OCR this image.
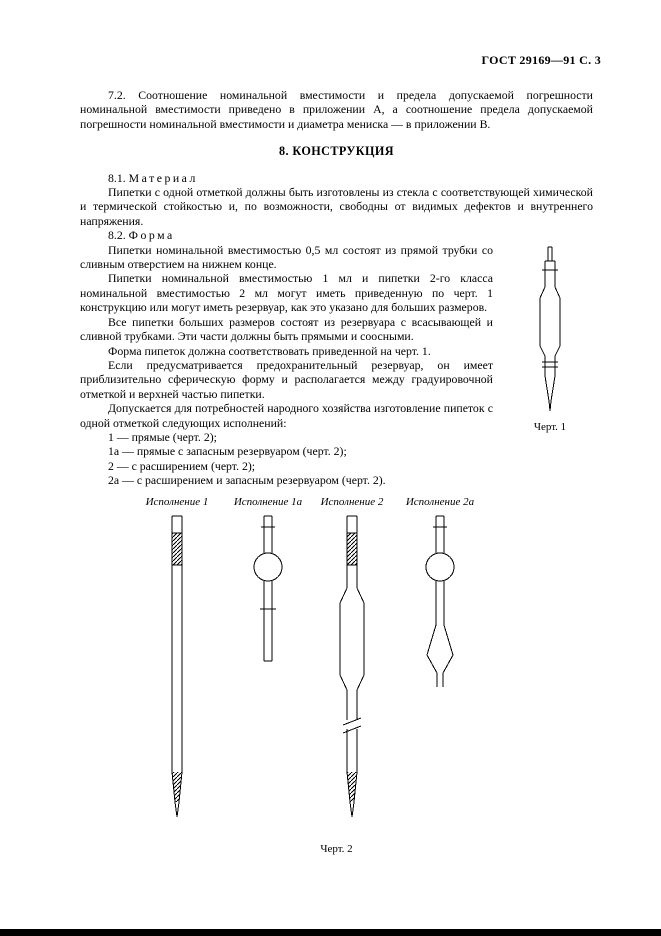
ГОСТ 29169—91 С. 3

7.2. Соотношение номинальной вместимости и предела допускаемой погрешности номинальной вместимости приведено в приложении А, а соотношение предела допускаемой погрешности номинальной вместимости и диаметра мениска — в приложении В.

8. КОНСТРУКЦИЯ

8.1. Материал

Пипетки с одной отметкой должны быть изготовлены из стекла с соответствующей химической и термической стойкостью и, по возможности, свободны от видимых дефектов и внутреннего напряжения.

8.2. Форма

Черт. 1

Пипетки номинальной вместимостью 0,5 мл состоят из прямой трубки со сливным отверстием на нижнем конце.

Пипетки номинальной вместимостью 1 мл и пипетки 2-го класса номинальной вместимостью 2 мл могут иметь приведенную по черт. 1 конструкцию или могут иметь резервуар, как это указано для больших размеров.

Все пипетки больших размеров состоят из резервуара с всасывающей и сливной трубками. Эти части должны быть прямыми и соосными.

Форма пипеток должна соответствовать приведенной на черт. 1.

Если предусматривается предохранительный резервуар, он имеет приблизительно сферическую форму и располагается между градуировочной отметкой и верхней частью пипетки.

Допускается для потребностей народного хозяйства изготовление пипеток с одной отметкой следующих исполнений:

1 — прямые (черт. 2);

1а — прямые с запасным резервуаром (черт. 2);

2 — с расширением (черт. 2);

2а — с расширением и запасным резервуаром (черт. 2).

Исполнение 1 Исполнение 1а Исполнение 2 Исполнение 2а

Черт. 2
